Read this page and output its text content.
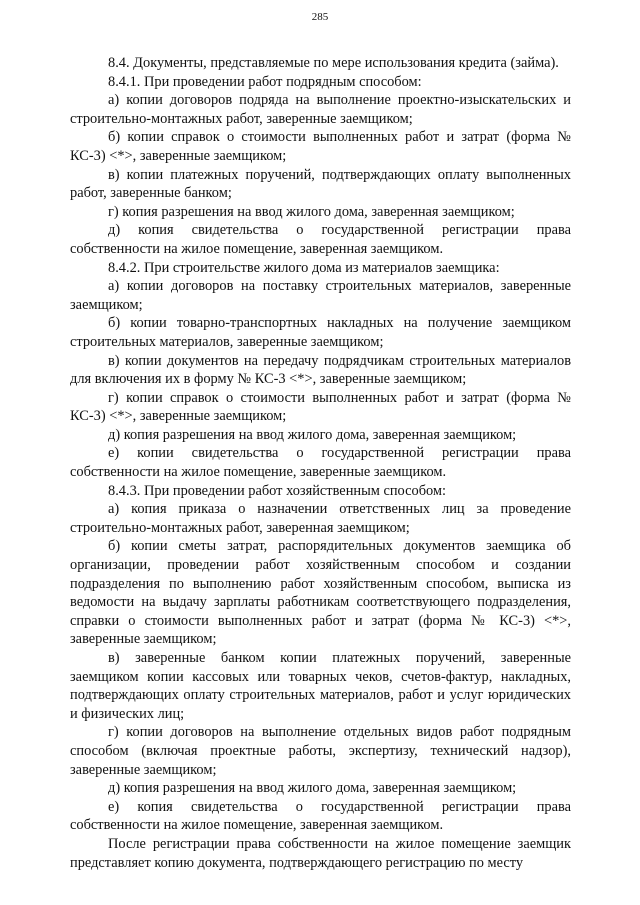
285

8.4. Документы, представляемые по мере использования кредита (займа).

8.4.1. При проведении работ подрядным способом:

а) копии договоров подряда на выполнение проектно-изыскательских и строительно-монтажных работ, заверенные заемщиком;

б) копии справок о стоимости выполненных работ и затрат (форма № КС-3) <*>, заверенные заемщиком;

в) копии платежных поручений, подтверждающих оплату выполненных работ, заверенные банком;

г) копия разрешения на ввод жилого дома, заверенная заемщиком;

д) копия свидетельства о государственной регистрации права собственности на жилое помещение, заверенная заемщиком.

8.4.2. При строительстве жилого дома из материалов заемщика:

а) копии договоров на поставку строительных материалов, заверенные заемщиком;

б) копии товарно-транспортных накладных на получение заемщиком строительных материалов, заверенные заемщиком;

в) копии документов на передачу подрядчикам строительных материалов для включения их в форму № КС-3 <*>, заверенные заемщиком;

г) копии справок о стоимости выполненных работ и затрат (форма № КС-3) <*>, заверенные заемщиком;

д) копия разрешения на ввод жилого дома, заверенная заемщиком;

е) копии свидетельства о государственной регистрации права собственности на жилое помещение, заверенные заемщиком.

8.4.3. При проведении работ хозяйственным способом:

а) копия приказа о назначении ответственных лиц за проведение строительно-монтажных работ, заверенная заемщиком;

б) копии сметы затрат, распорядительных документов заемщика об организации, проведении работ хозяйственным способом и создании подразделения по выполнению работ хозяйственным способом, выписка из ведомости на выдачу зарплаты работникам соответствующего подразделения, справки о стоимости выполненных работ и затрат (форма № КС-3) <*>, заверенные заемщиком;

в) заверенные банком копии платежных поручений, заверенные заемщиком копии кассовых или товарных чеков, счетов-фактур, накладных, подтверждающих оплату строительных материалов, работ и услуг юридических и физических лиц;

г) копии договоров на выполнение отдельных видов работ подрядным способом (включая проектные работы, экспертизу, технический надзор), заверенные заемщиком;

д) копия разрешения на ввод жилого дома, заверенная заемщиком;

е) копия свидетельства о государственной регистрации права собственности на жилое помещение, заверенная заемщиком.

После регистрации права собственности на жилое помещение заемщик представляет копию документа, подтверждающего регистрацию по месту
